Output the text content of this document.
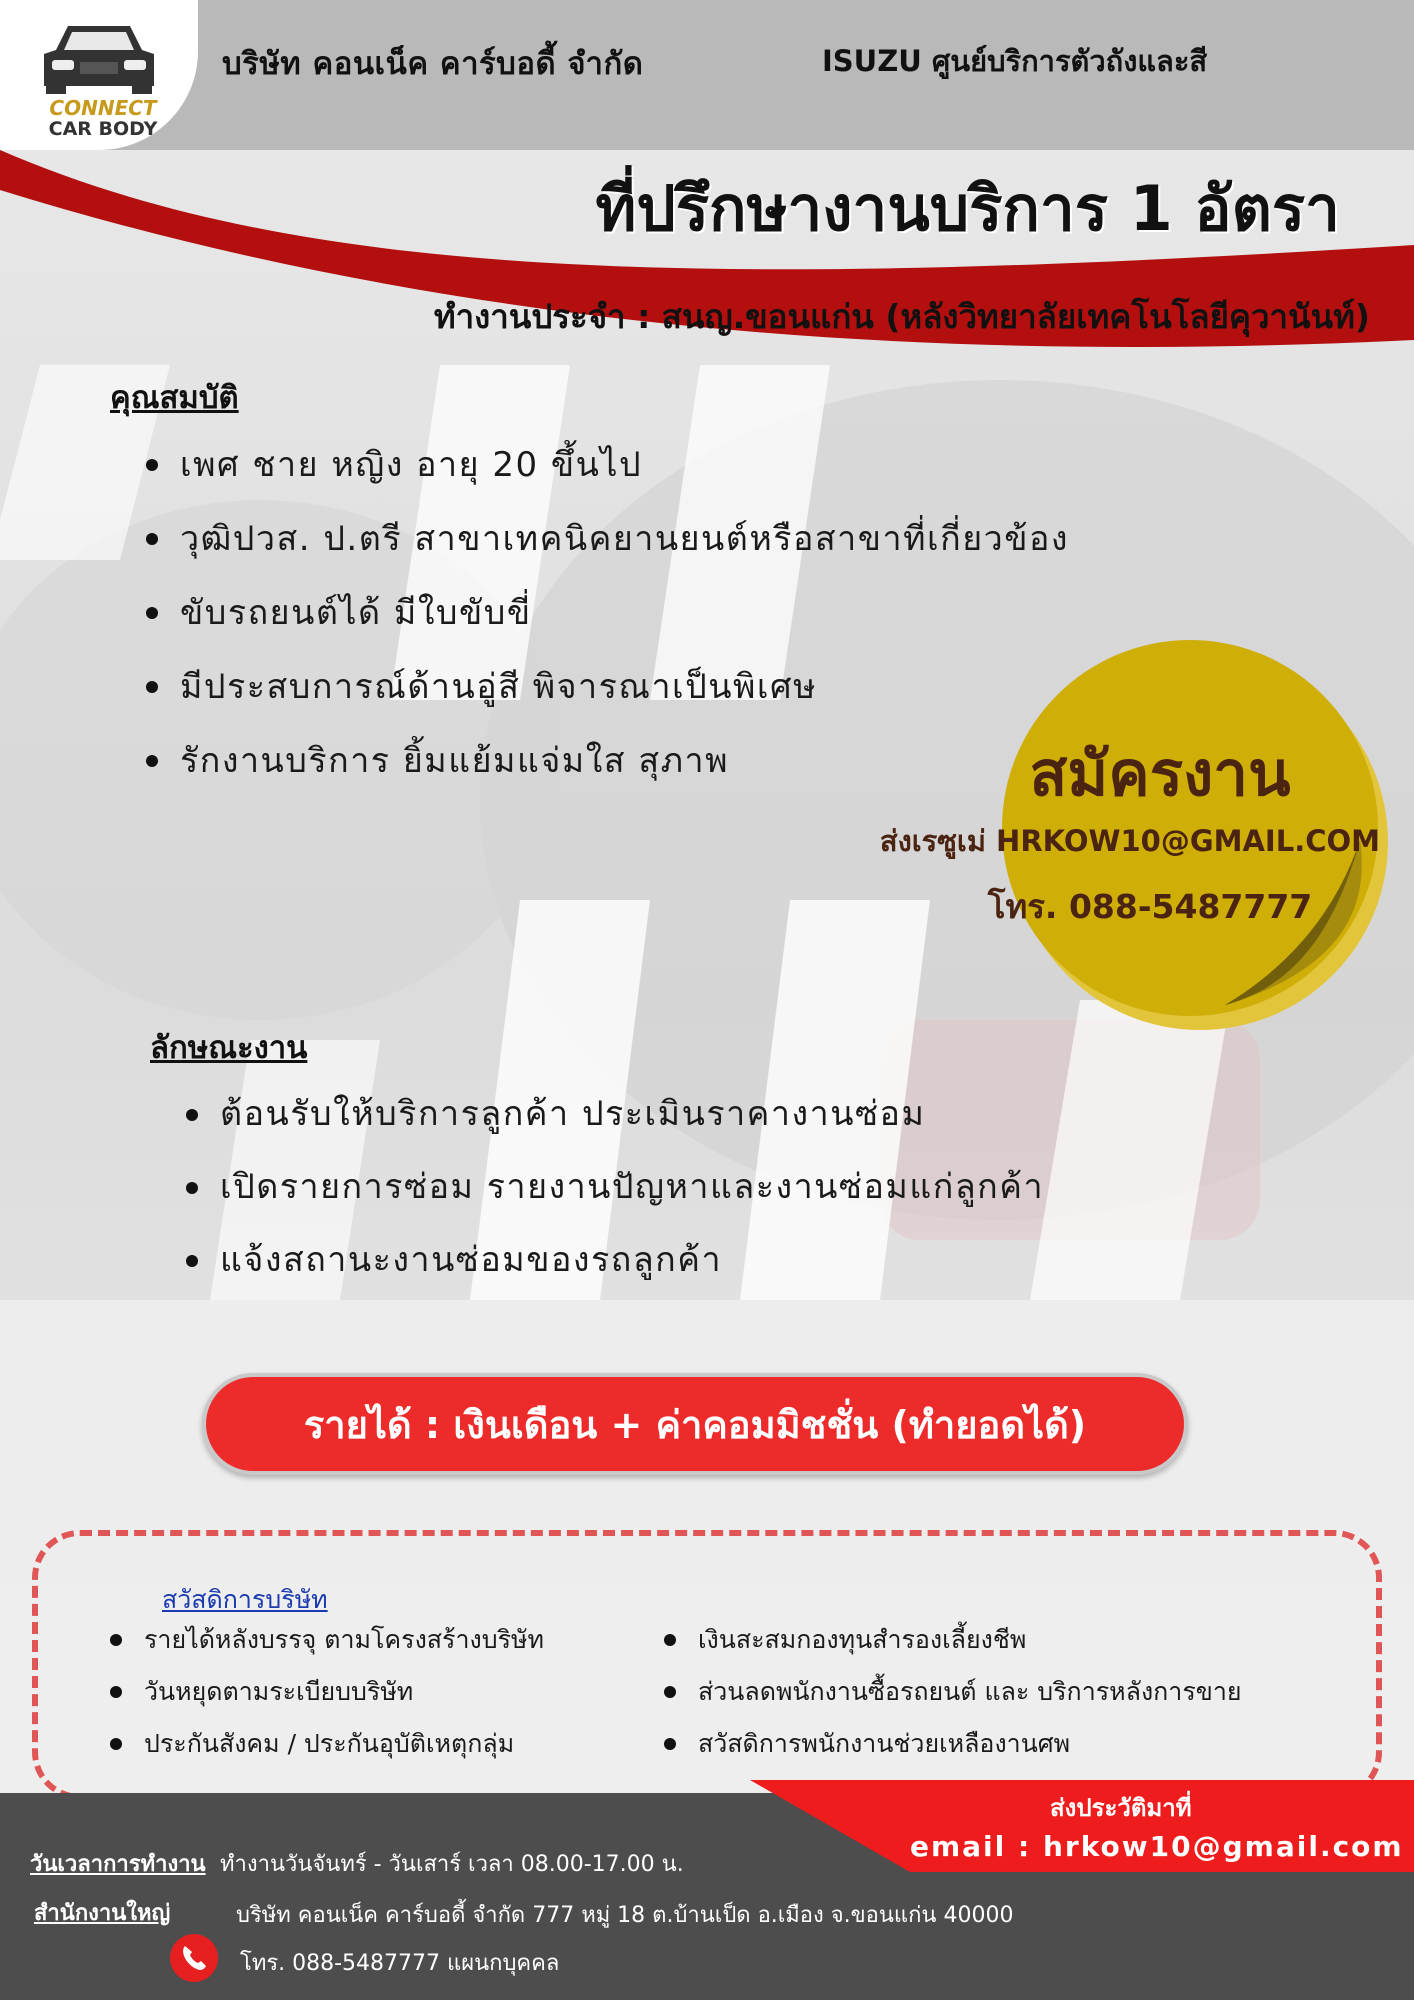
CONNECT
CAR BODY
บริษัท คอนเน็ค คาร์บอดี้ จำกัด	ISUZU ศูนย์บริการตัวถังและสี
ที่ปรึกษางานบริการ 1 อัตรา
ทำงานประจำ : สนญ.ขอนแก่น (หลังวิทยาลัยเทคโนโลยีคุวานันท์)
คุณสมบัติ
เพศ ชาย หญิง อายุ 20 ขึ้นไป
วุฒิปวส. ป.ตรี สาขาเทคนิคยานยนต์หรือสาขาที่เกี่ยวข้อง
ขับรถยนต์ได้ มีใบขับขี่
มีประสบการณ์ด้านอู่สี พิจารณาเป็นพิเศษ
รักงานบริการ ยิ้มแย้มแจ่มใส สุภาพ	สมัครงาน
ส่งเรซูเม่ HRKOW10@GMAIL.COM
โทร. 088-5487777
ลักษณะงาน
ต้อนรับให้บริการลูกค้า ประเมินราคางานซ่อม
เปิดรายการซ่อม รายงานปัญหาและงานซ่อมแก่ลูกค้า
แจ้งสถานะงานซ่อมของรถลูกค้า
รายได้ : เงินเดือน + ค่าคอมมิชชั่น (ทำยอดได้)
สวัสดิการบริษัท
รายได้หลังบรรจุ ตามโครงสร้างบริษัท
วันหยุดตามระเบียบบริษัท
ประกันสังคม / ประกันอุบัติเหตุกลุ่ม
เงินสะสมกองทุนสำรองเลี้ยงชีพ
ส่วนลดพนักงานซื้อรถยนต์ และ บริการหลังการขาย
สวัสดิการพนักงานช่วยเหลืองานศพ
ส่งประวัติมาที่
email : hrkow10@gmail.com
วันเวลาการทำงาน ทำงานวันจันทร์ - วันเสาร์ เวลา 08.00-17.00 น.
สำนักงานใหญ่	บริษัท คอนเน็ค คาร์บอดี้ จำกัด 777 หมู่ 18 ต.บ้านเป็ด อ.เมือง จ.ขอนแก่น 40000
โทร. 088-5487777 แผนกบุคคล
